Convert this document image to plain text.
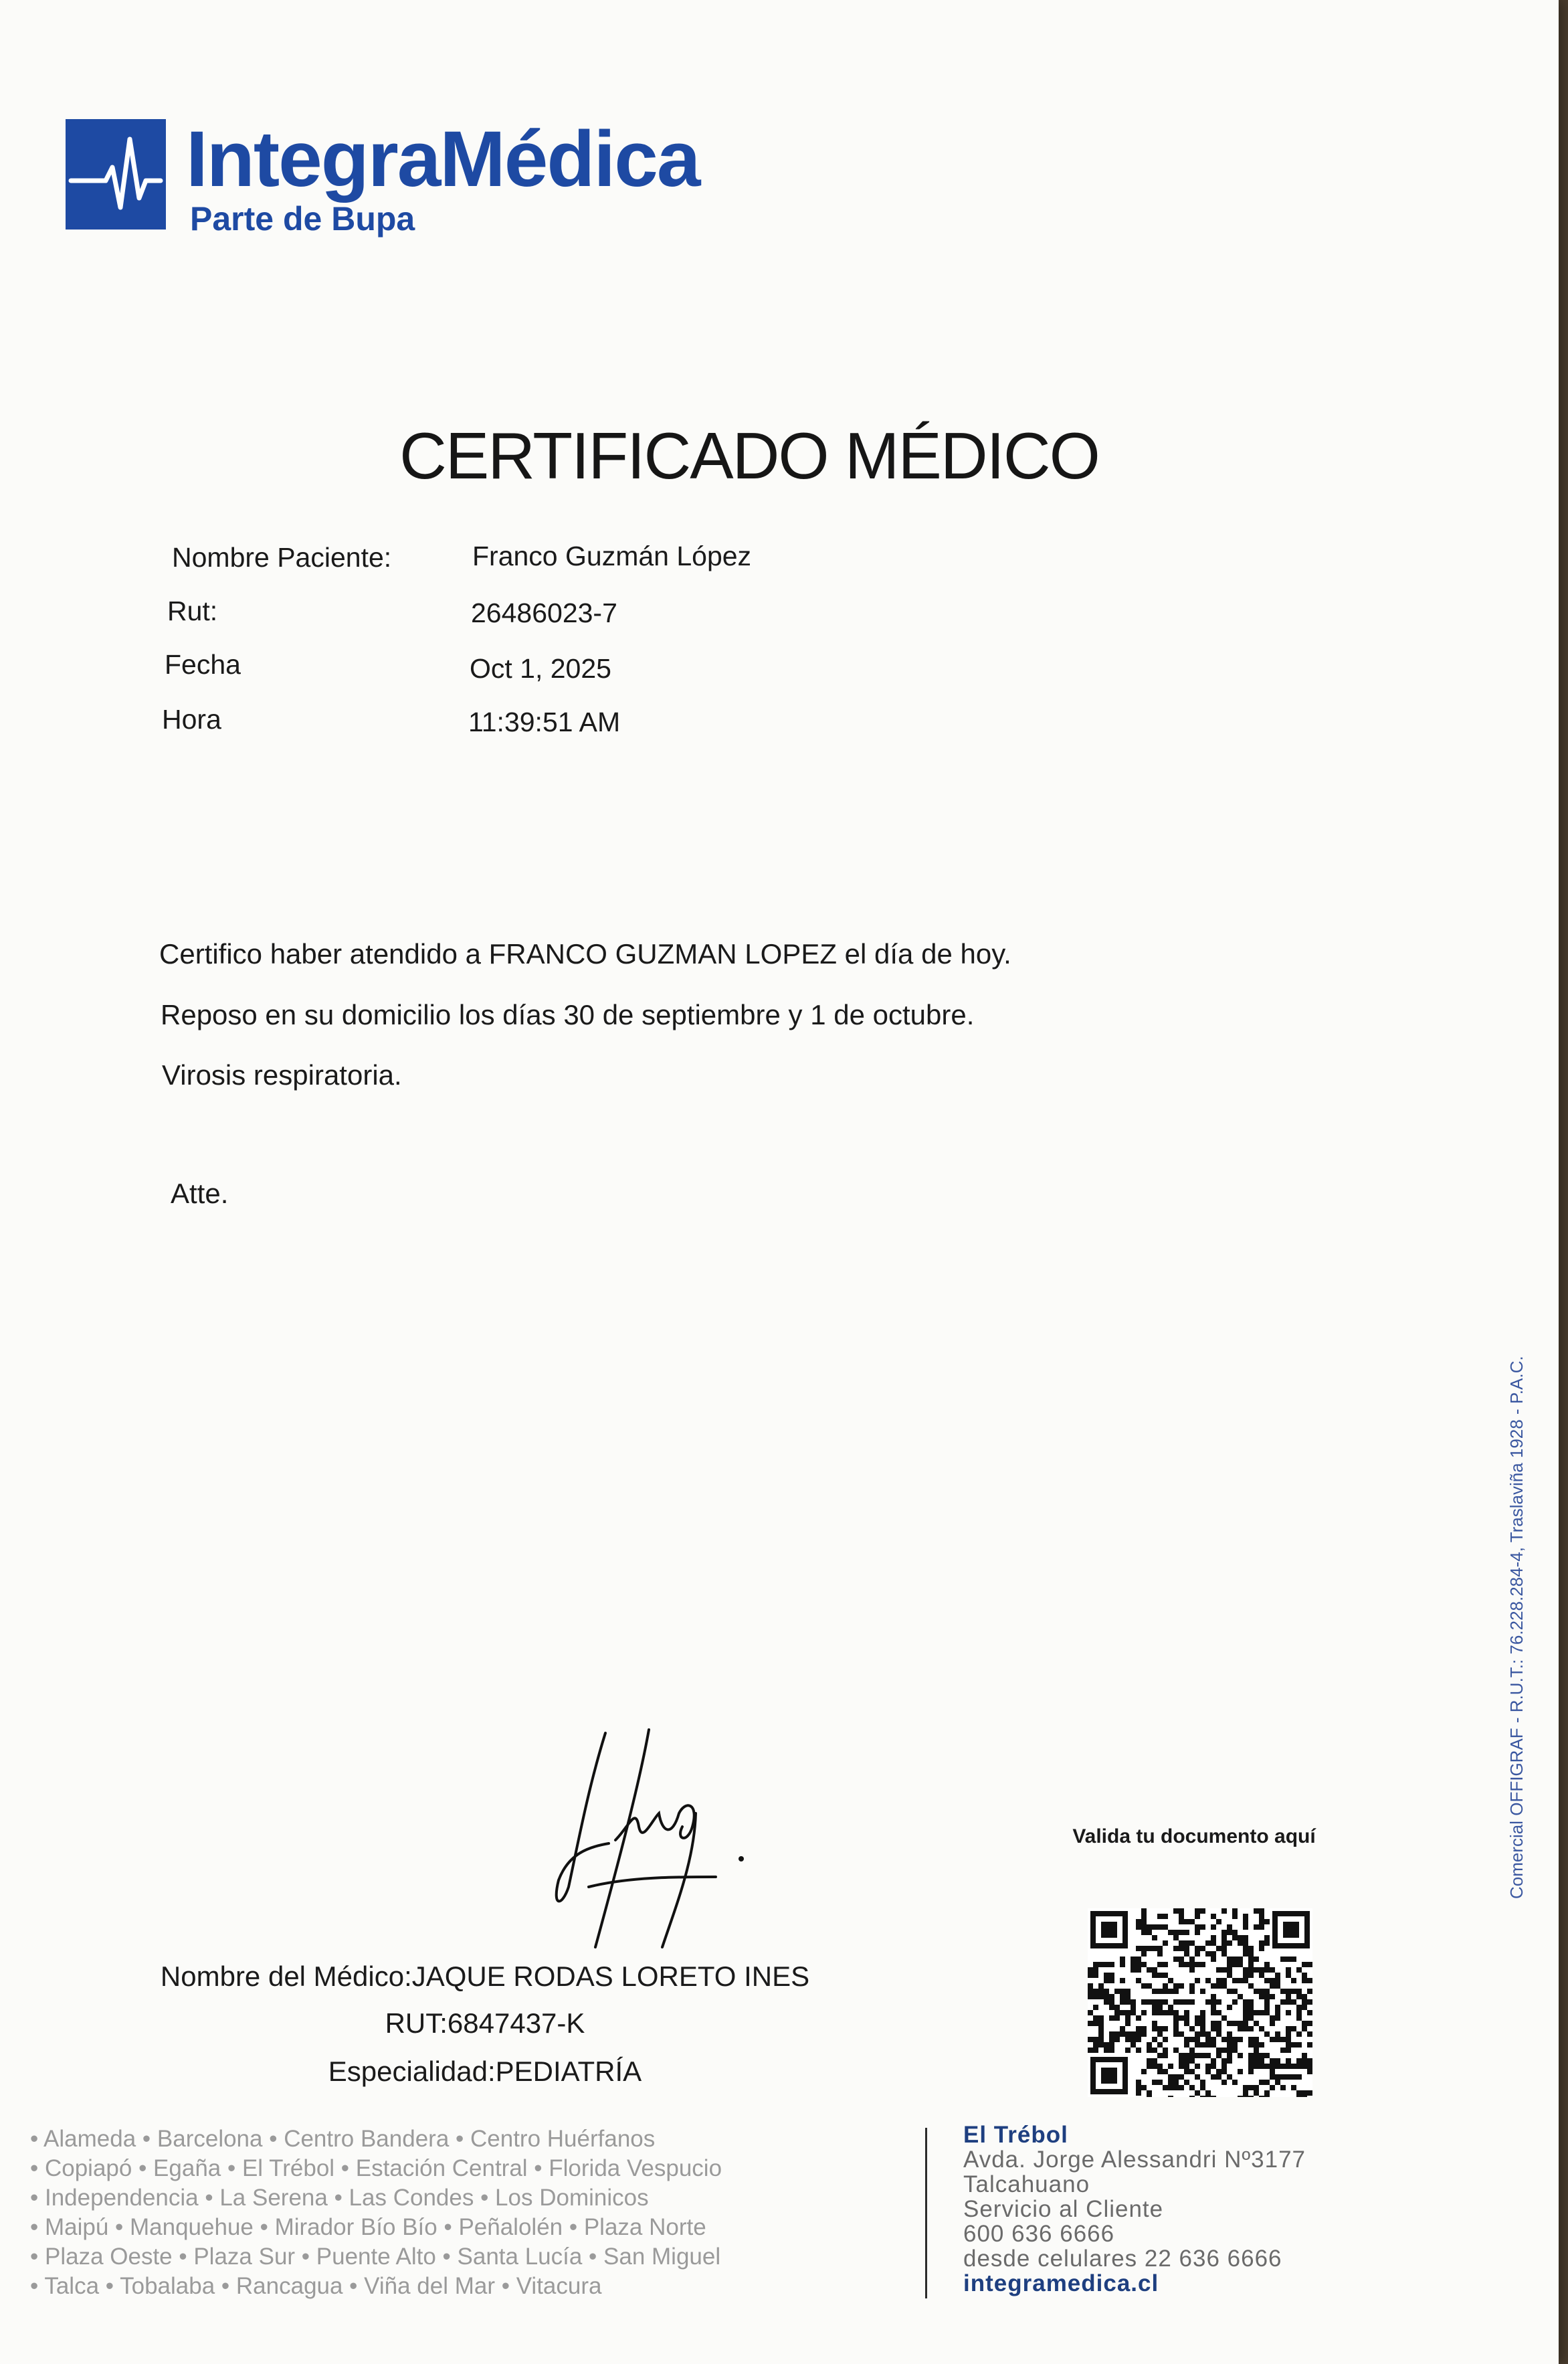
IntegraMédica
Parte de Bupa
CERTIFICADO MÉDICO
Nombre Paciente:	Franco Guzmán López
Rut:	26486023-7
Fecha	Oct 1, 2025
Hora	11:39:51 AM
Certifico haber atendido a FRANCO GUZMAN LOPEZ el día de hoy.
Reposo en su domicilio los días 30 de septiembre y 1 de octubre.
Virosis respiratoria.
Atte.
Nombre del Médico:JAQUE RODAS LORETO INES
RUT:6847437-K
Especialidad:PEDIATRÍA
Valida tu documento aquí	Comercial OFFIGRAF - R.U.T.: 76.228.284-4, Traslaviña 1928 - P.A.C.
• Alameda • Barcelona • Centro Bandera • Centro Huérfanos
• Copiapó • Egaña • El Trébol • Estación Central • Florida Vespucio
• Independencia • La Serena • Las Condes • Los Dominicos
• Maipú • Manquehue • Mirador Bío Bío • Peñalolén • Plaza Norte
• Plaza Oeste • Plaza Sur • Puente Alto • Santa Lucía • San Miguel
• Talca • Tobalaba • Rancagua • Viña del Mar • Vitacura
El Trébol
Avda. Jorge Alessandri Nº3177
Talcahuano
Servicio al Cliente
600 636 6666
desde celulares 22 636 6666
integramedica.cl
